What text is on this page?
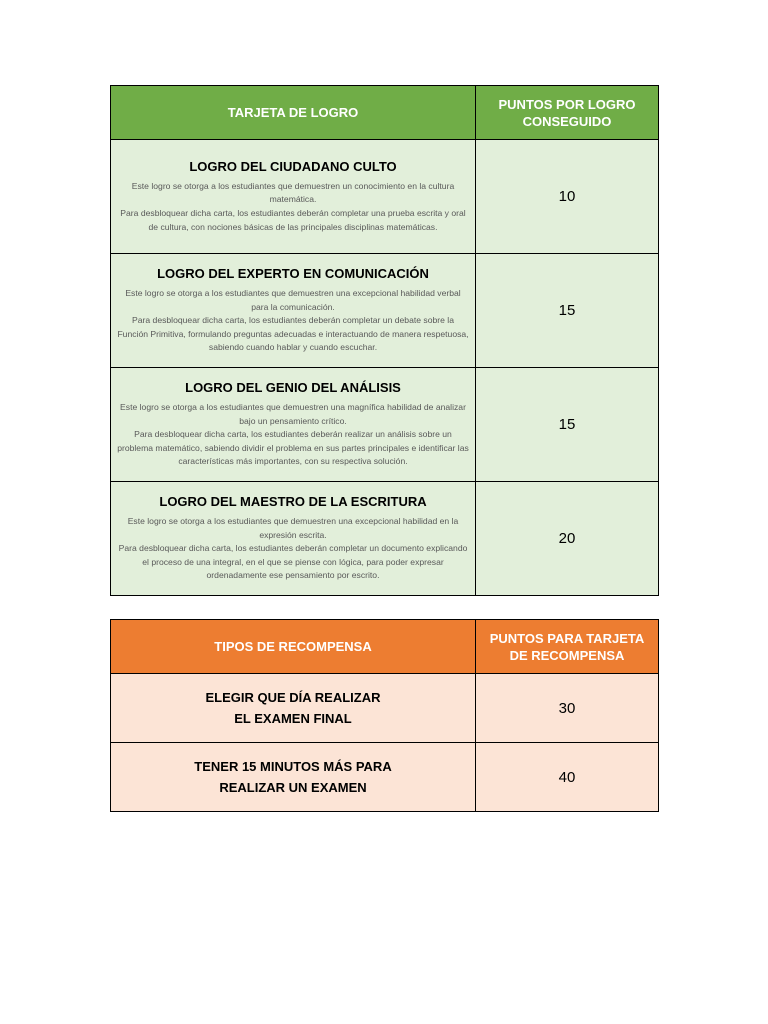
TARJETA DE LOGRO	PUNTOS POR LOGRO CONSEGUIDO

LOGRO DEL CIUDADANO CULTO

Este logro se otorga a los estudiantes que demuestren un conocimiento en la cultura matemática.

Para desbloquear dicha carta, los estudiantes deberán completar una prueba escrita y oral de cultura, con nociones básicas de las principales disciplinas matemáticas.	10

LOGRO DEL EXPERTO EN COMUNICACIÓN

Este logro se otorga a los estudiantes que demuestren una excepcional habilidad verbal para la comunicación.

Para desbloquear dicha carta, los estudiantes deberán completar un debate sobre la Función Primitiva, formulando preguntas adecuadas e interactuando de manera respetuosa, sabiendo cuando hablar y cuando escuchar.	15

LOGRO DEL GENIO DEL ANÁLISIS

Este logro se otorga a los estudiantes que demuestren una magnífica habilidad de analizar bajo un pensamiento crítico.

Para desbloquear dicha carta, los estudiantes deberán realizar un análisis sobre un problema matemático, sabiendo dividir el problema en sus partes principales e identificar las características más importantes, con su respectiva solución.	15

LOGRO DEL MAESTRO DE LA ESCRITURA

Este logro se otorga a los estudiantes que demuestren una excepcional habilidad en la expresión escrita.

Para desbloquear dicha carta, los estudiantes deberán completar un documento explicando el proceso de una integral, en el que se piense con lógica, para poder expresar ordenadamente ese pensamiento por escrito.	20
TIPOS DE RECOMPENSA	PUNTOS PARA TARJETA
DE RECOMPENSA

ELEGIR QUE DÍA REALIZAR
EL EXAMEN FINAL	30

TENER 15 MINUTOS MÁS PARA
REALIZAR UN EXAMEN	40
